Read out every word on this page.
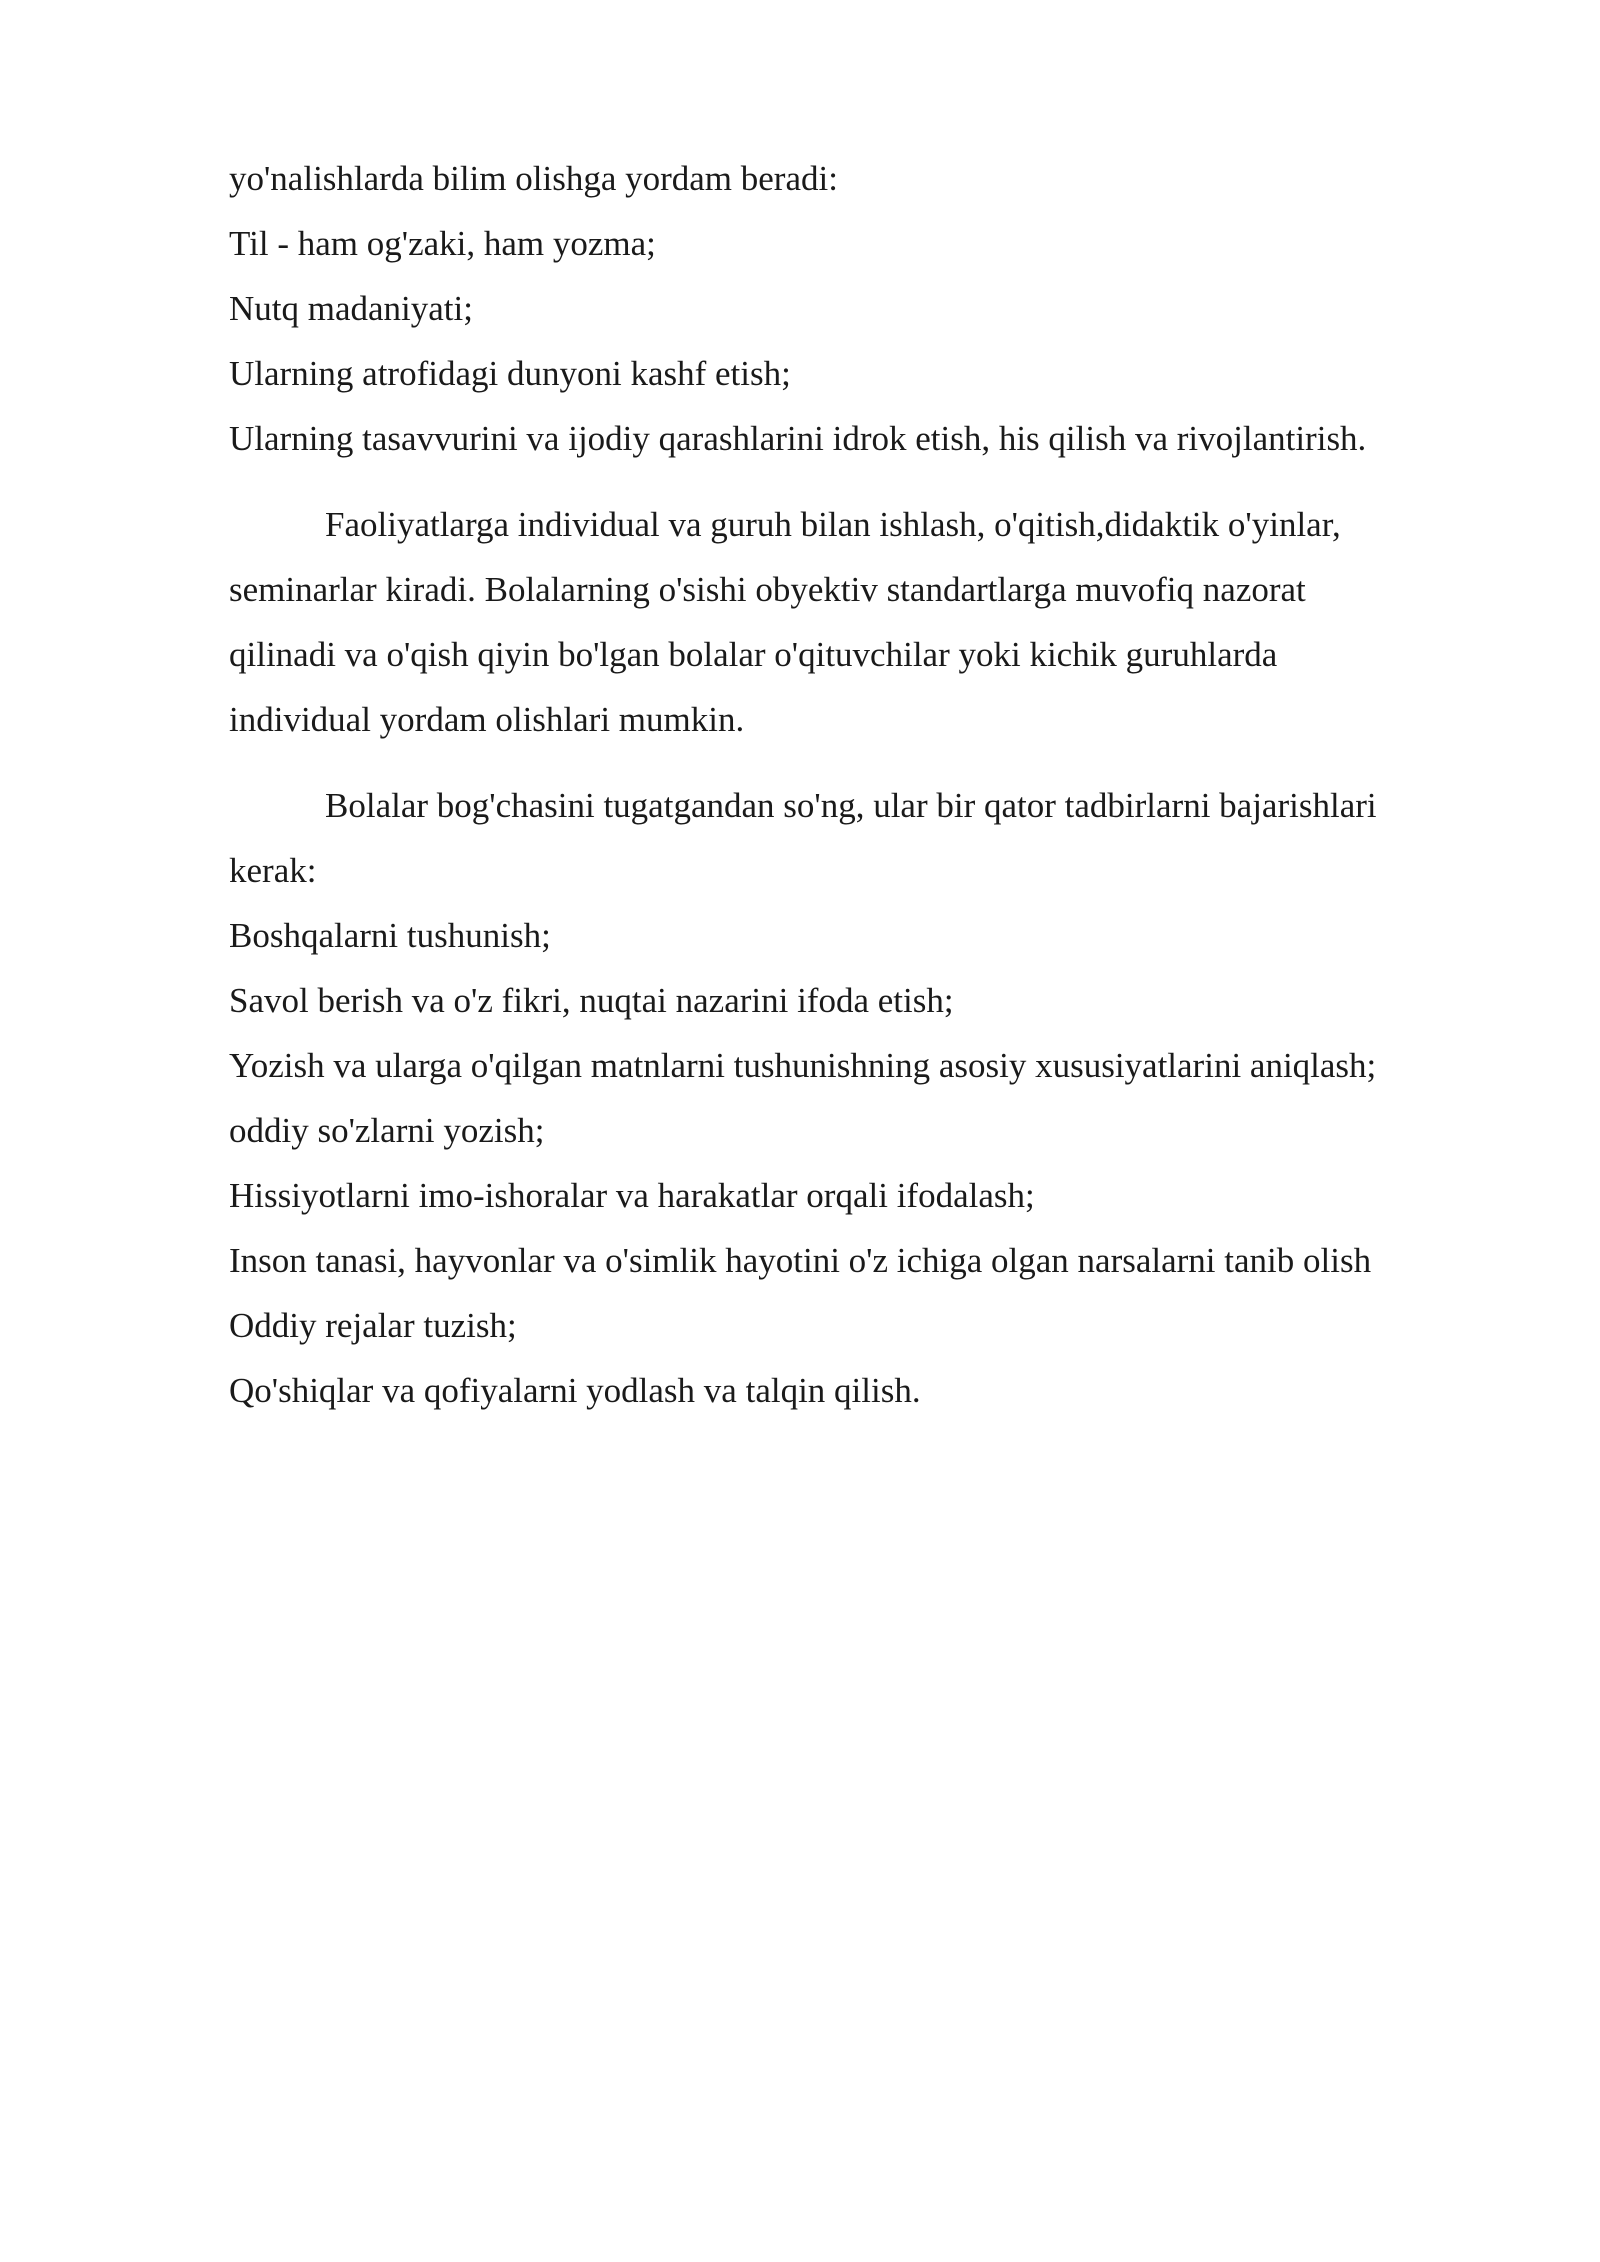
yo'nalishlarda bilim olishga yordam beradi:
Til - ham og'zaki, ham yozma;
Nutq madaniyati;
Ularning atrofidagi dunyoni kashf etish;
Ularning tasavvurini va ijodiy qarashlarini idrok etish, his qilish va rivojlantirish.
Faoliyatlarga individual va guruh bilan ishlash, o'qitish,didaktik o'yinlar,
seminarlar kiradi. Bolalarning o'sishi obyektiv standartlarga muvofiq nazorat
qilinadi va o'qish qiyin bo'lgan bolalar o'qituvchilar yoki kichik guruhlarda
individual yordam olishlari mumkin.
Bolalar bog'chasini tugatgandan so'ng, ular bir qator tadbirlarni bajarishlari
kerak:
Boshqalarni tushunish;
Savol berish va o'z fikri, nuqtai nazarini ifoda etish;
Yozish va ularga o'qilgan matnlarni tushunishning asosiy xususiyatlarini aniqlash;
oddiy so'zlarni yozish;
Hissiyotlarni imo-ishoralar va harakatlar orqali ifodalash;
Inson tanasi, hayvonlar va o'simlik hayotini o'z ichiga olgan narsalarni tanib olish
Oddiy rejalar tuzish;
Qo'shiqlar va qofiyalarni yodlash va talqin qilish.
